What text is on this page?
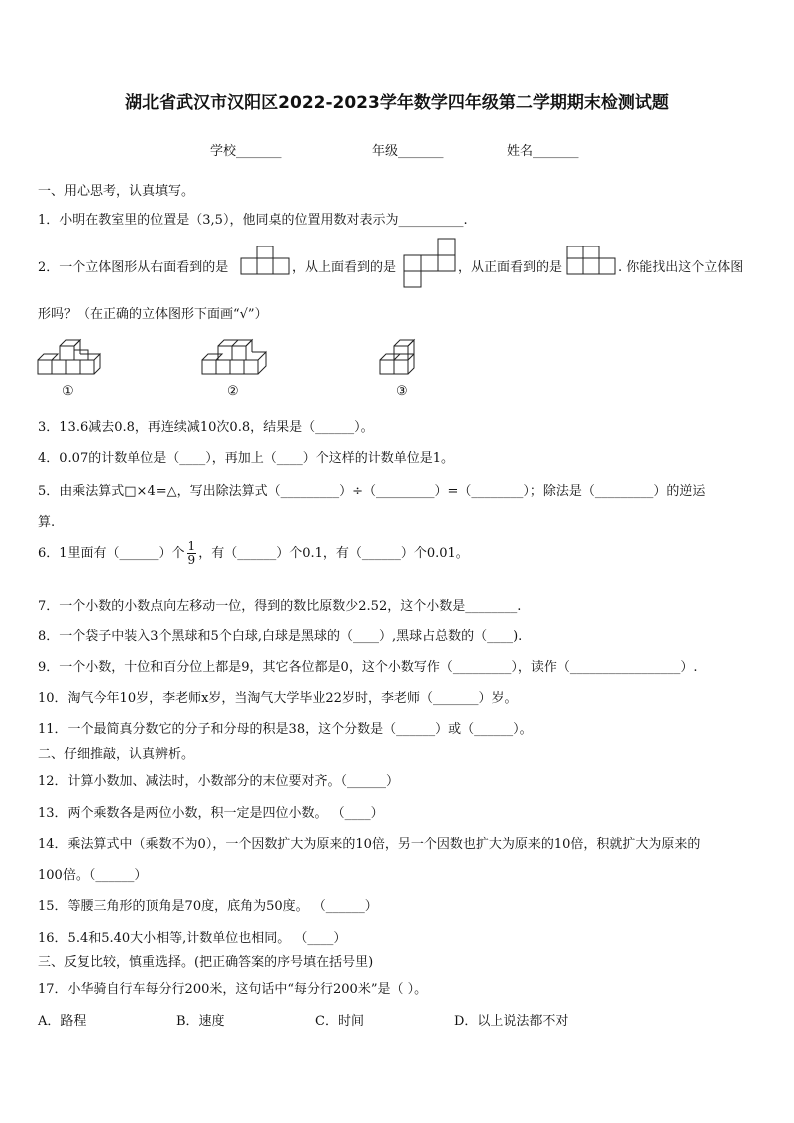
湖北省武汉市汉阳区2022-2023学年数学四年级第二学期期末检测试题
学校_______	年级_______	姓名_______
一、用心思考，认真填写。
1．小明在教室里的位置是（3,5），他同桌的位置用数对表示为__________.
2．一个立体图形从右面看到的是	，从上面看到的是	，从正面看到的是	. 你能找出这个立体图
形吗？（在正确的立体图形下面画“√”）
①	②	③
3．13.6减去0.8，再连续减10次0.8，结果是（______）。
4．0.07的计数单位是（____），再加上（____）个这样的计数单位是1。
5．由乘法算式□×4=△，写出除法算式（_________）÷（_________）=（________）；除法是（_________）的逆运
算.
6．1里面有（______）个 $\frac{1}{9}$ ，有（______）个0.1，有（______）个0.01。
7．一个小数的小数点向左移动一位，得到的数比原数少2.52，这个小数是________.
8．一个袋子中装入3个黑球和5个白球,白球是黑球的（____）,黑球占总数的（____).
9．一个小数，十位和百分位上都是9，其它各位都是0，这个小数写作（_________），读作（_________________）.
10．淘气今年10岁，李老师x岁，当淘气大学毕业22岁时，李老师（_______）岁。
11．一个最简真分数它的分子和分母的积是38，这个分数是（______）或（______）。
二、仔细推敲，认真辨析。
12．计算小数加、减法时，小数部分的末位要对齐。（______）
13．两个乘数各是两位小数，积一定是四位小数。 （____）
14．乘法算式中（乘数不为0），一个因数扩大为原来的10倍，另一个因数也扩大为原来的10倍，积就扩大为原来的
100倍。（______）
15．等腰三角形的顶角是70度，底角为50度。 （______）
16．5.4和5.40大小相等,计数单位也相同。 （____）
三、反复比较，慎重选择。(把正确答案的序号填在括号里)
17．小华骑自行车每分行200米，这句话中“每分行200米”是（ ）。
A．路程	B．速度	C．时间	D．以上说法都不对
